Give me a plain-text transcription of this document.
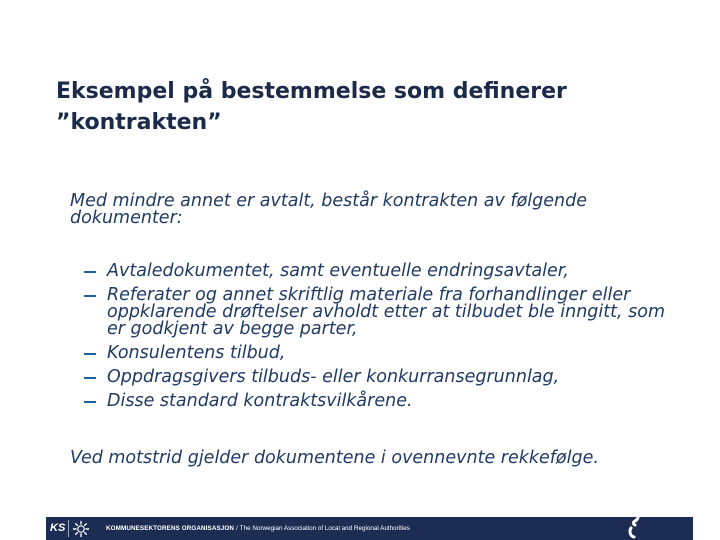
Eksempel på bestemmelse som definerer ”kontrakten”

Med mindre annet er avtalt, består kontrakten av følgende dokumenter:

Avtaledokumentet, samt eventuelle endringsavtaler,
Referater og annet skriftlig materiale fra forhandlinger eller oppklarende drøftelser avholdt etter at tilbudet ble inngitt, som er godkjent av begge parter,
Konsulentens tilbud,
Oppdragsgivers tilbuds- eller konkurransegrunnlag,
Disse standard kontraktsvilkårene.

Ved motstrid gjelder dokumentene i ovennevnte rekkefølge.

KS	KOMMUNESEKTORENS ORGANISASJON / The Norwegian Association of Local and Regional Authorities
